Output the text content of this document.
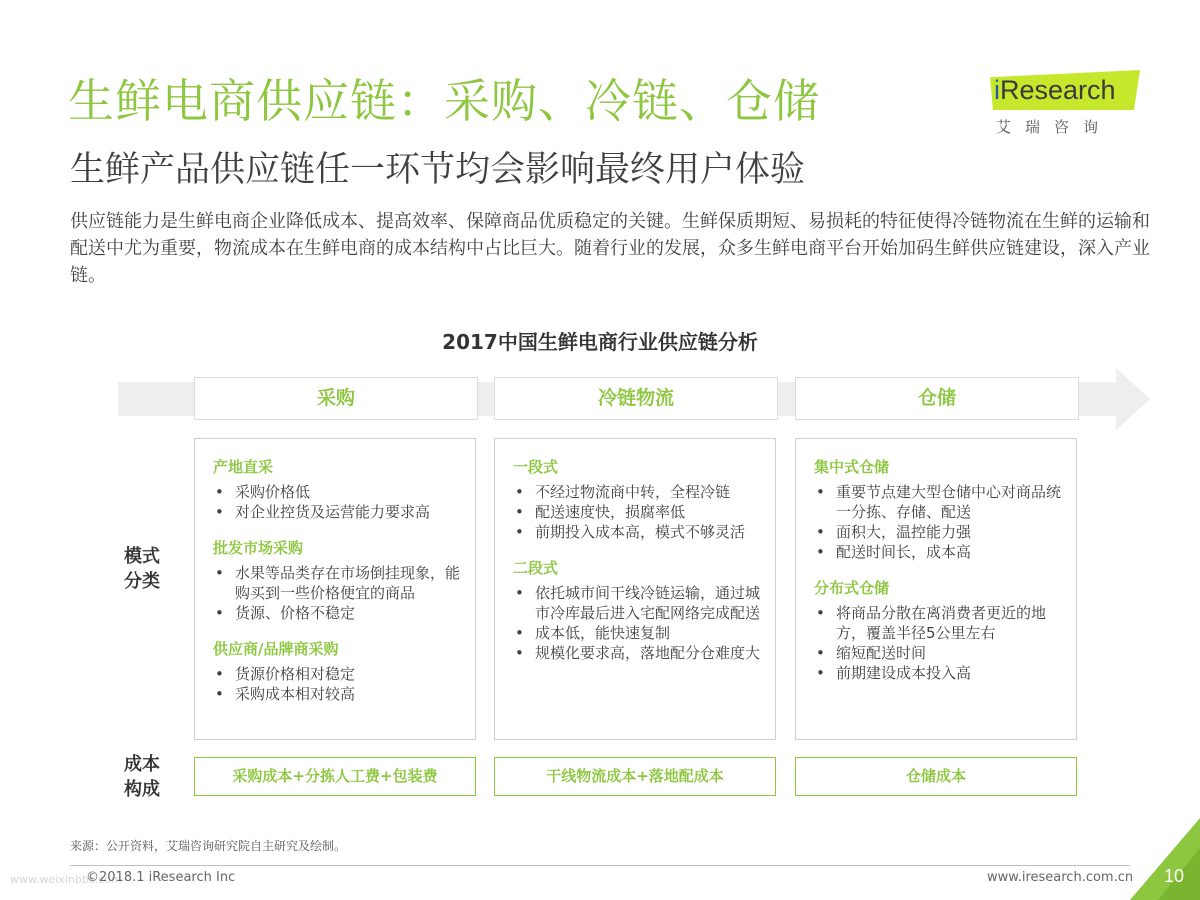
生鲜电商供应链：采购、冷链、仓储
生鲜产品供应链任一环节均会影响最终用户体验
iResearch
艾瑞咨询
供应链能力是生鲜电商企业降低成本、提高效率、保障商品优质稳定的关键。生鲜保质期短、易损耗的特征使得冷链物流在生鲜的运输和配送中尤为重要，物流成本在生鲜电商的成本结构中占比巨大。随着行业的发展，众多生鲜电商平台开始加码生鲜供应链建设，深入产业链。
2017中国生鲜电商行业供应链分析
采购	冷链物流	仓储
模式
分类
成本
构成
产地直采
• 采购价格低
• 对企业控货及运营能力要求高
批发市场采购
• 水果等品类存在市场倒挂现象，能购买到一些价格便宜的商品
• 货源、价格不稳定
供应商/品牌商采购
• 货源价格相对稳定
• 采购成本相对较高
一段式
• 不经过物流商中转，全程冷链
• 配送速度快，损腐率低
• 前期投入成本高，模式不够灵活
二段式
• 依托城市间干线冷链运输，通过城市冷库最后进入宅配网络完成配送
• 成本低，能快速复制
• 规模化要求高，落地配分仓难度大
集中式仓储
• 重要节点建大型仓储中心对商品统一分拣、存储、配送
• 面积大，温控能力强
• 配送时间长，成本高
分布式仓储
• 将商品分散在离消费者更近的地方，覆盖半径5公里左右
• 缩短配送时间
• 前期建设成本投入高
采购成本+分拣人工费+包装费	干线物流成本+落地配成本	仓储成本
来源：公开资料，艾瑞咨询研究院自主研究及绘制。
www.weixinbbs.com
©2018.1 iResearch Inc	www.iresearch.com.cn 10
